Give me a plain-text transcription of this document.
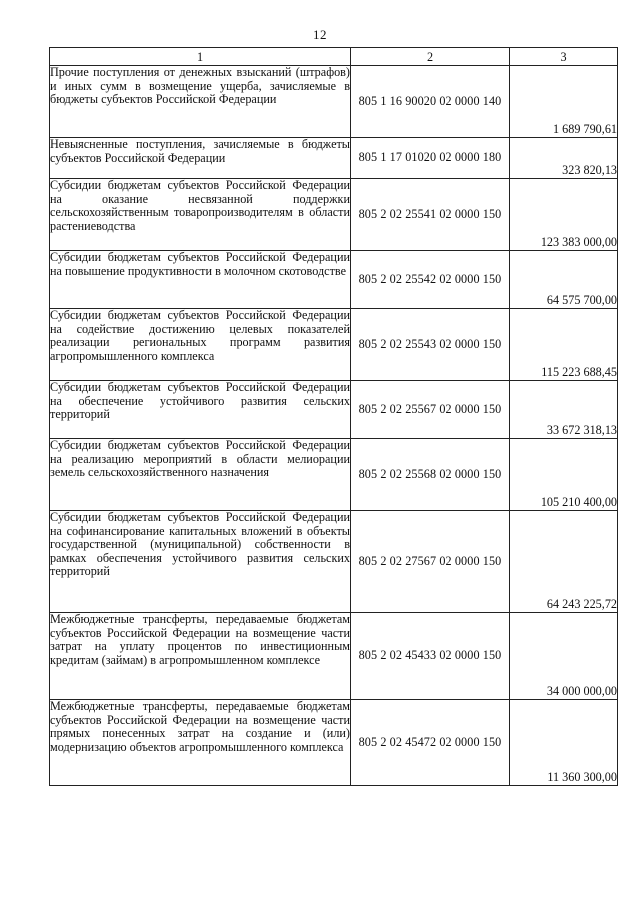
12
1	2	3
Прочие поступления от денежных взысканий (штрафов) и иных сумм в возмещение ущерба, зачисляемые в бюджеты субъектов Российской Федерации	805 1 16 90020 02 0000 140	1 689 790,61
Невыясненные поступления, зачисляемые в бюджеты субъектов Российской Федерации	805 1 17 01020 02 0000 180	323 820,13
Субсидии бюджетам субъектов Российской Федерации на оказание несвязанной поддержки сельскохозяйственным товаропроизводителям в области растениеводства	805 2 02 25541 02 0000 150	123 383 000,00
Субсидии бюджетам субъектов Российской Федерации на повышение продуктивности в молочном скотоводстве	805 2 02 25542 02 0000 150	64 575 700,00
Субсидии бюджетам субъектов Российской Федерации на содействие достижению целевых показателей реализации региональных программ развития агропромышленного комплекса	805 2 02 25543 02 0000 150	115 223 688,45
Субсидии бюджетам субъектов Российской Федерации на обеспечение устойчивого развития сельских территорий	805 2 02 25567 02 0000 150	33 672 318,13
Субсидии бюджетам субъектов Российской Федерации на реализацию мероприятий в области мелиорации земель сельскохозяйственного назначения	805 2 02 25568 02 0000 150	105 210 400,00
Субсидии бюджетам субъектов Российской Федерации на софинансирование капитальных вложений в объекты государственной (муниципальной) собственности в рамках обеспечения устойчивого развития сельских территорий	805 2 02 27567 02 0000 150	64 243 225,72
Межбюджетные трансферты, передаваемые бюджетам субъектов Российской Федерации на возмещение части затрат на уплату процентов по инвестиционным кредитам (займам) в агропромышленном комплексе	805 2 02 45433 02 0000 150	34 000 000,00
Межбюджетные трансферты, передаваемые бюджетам субъектов Российской Федерации на возмещение части прямых понесенных затрат на создание и (или) модернизацию объектов агропромышленного комплекса	805 2 02 45472 02 0000 150	11 360 300,00
